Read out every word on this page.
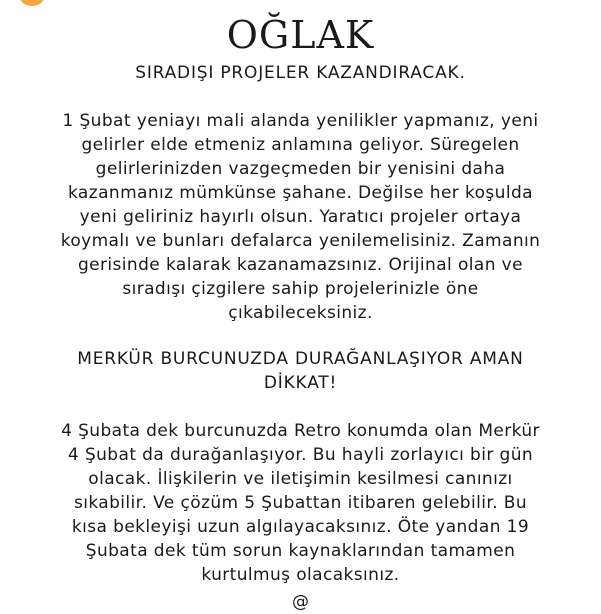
OĞLAK
SIRADIŞI PROJELER KAZANDIRACAK.
1 Şubat yeniayı mali alanda yenilikler yapmanız, yeni
gelirler elde etmeniz anlamına geliyor. Süregelen
gelirlerinizden vazgeçmeden bir yenisini daha
kazanmanız mümkünse şahane. Değilse her koşulda
yeni geliriniz hayırlı olsun. Yaratıcı projeler ortaya
koymalı ve bunları defalarca yenilemelisiniz. Zamanın
gerisinde kalarak kazanamazsınız. Orijinal olan ve
sıradışı çizgilere sahip projelerinizle öne
çıkabileceksiniz.
MERKÜR BURCUNUZDA DURAĞANLAŞIYOR AMAN
DİKKAT!
4 Şubata dek burcunuzda Retro konumda olan Merkür
4 Şubat da durağanlaşıyor. Bu hayli zorlayıcı bir gün
olacak. İlişkilerin ve iletişimin kesilmesi canınızı
sıkabilir. Ve çözüm 5 Şubattan itibaren gelebilir. Bu
kısa bekleyişi uzun algılayacaksınız. Öte yandan 19
Şubata dek tüm sorun kaynaklarından tamamen
kurtulmuş olacaksınız.
@
